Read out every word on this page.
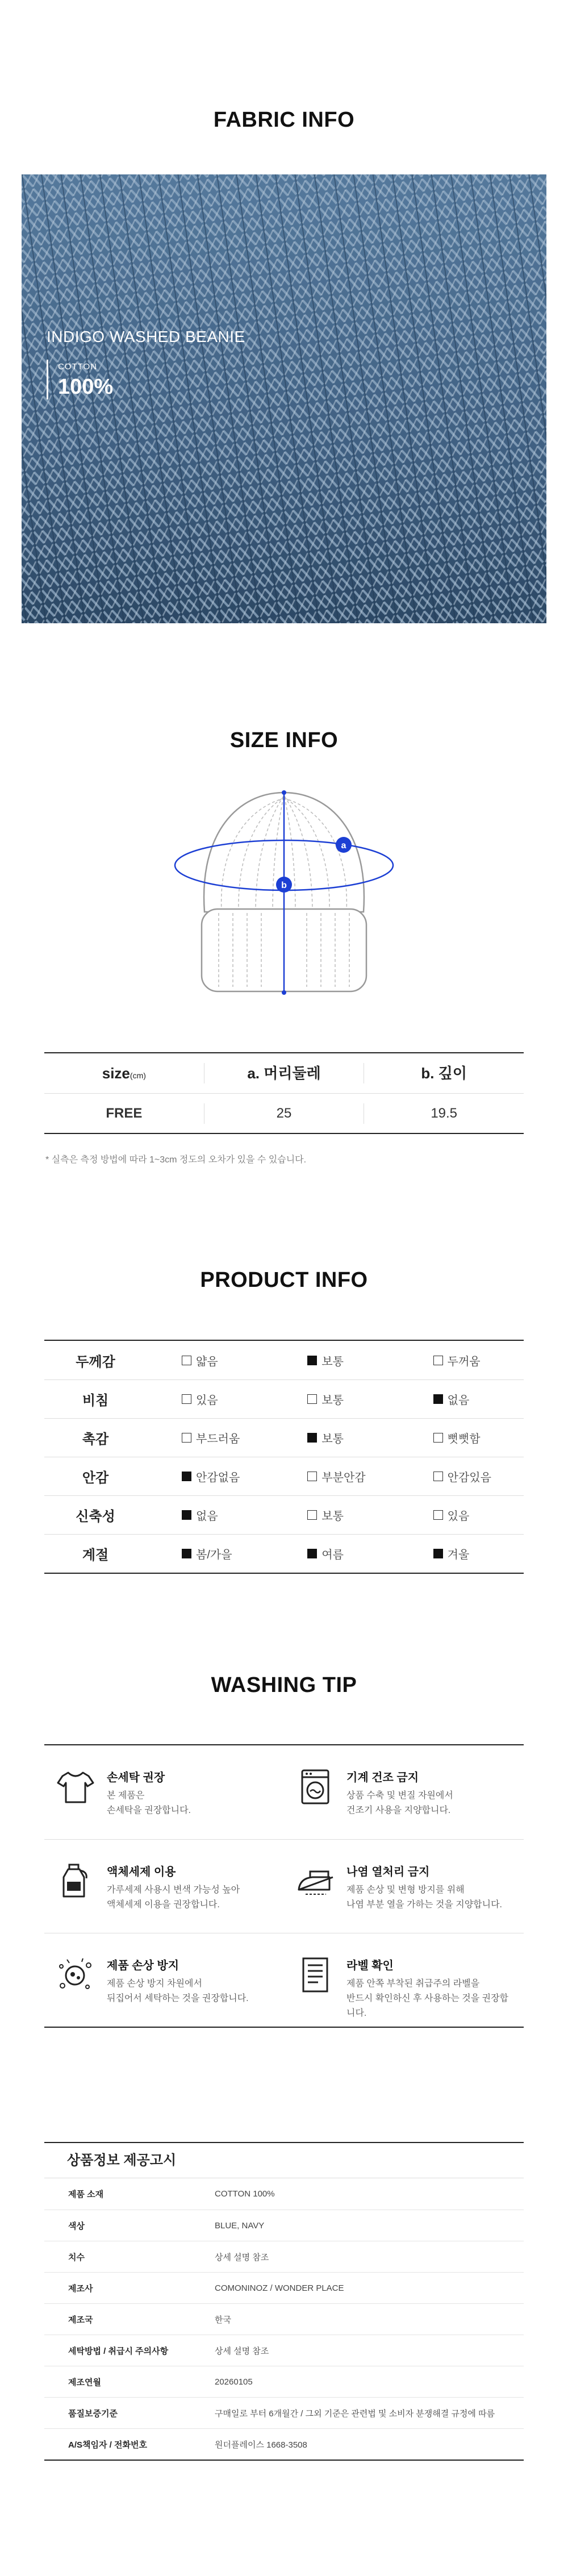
FABRIC INFO
INDIGO WASHED BEANIE
COTTON
100%
SIZE INFO
a
b
size(cm)	a. 머리둘레	b. 깊이
FREE	25	19.5
* 실측은 측정 방법에 따라 1~3cm 정도의 오차가 있을 수 있습니다.
PRODUCT INFO
두께감	얇음	보통	두꺼움
비침	있음	보통	없음
촉감	부드러움	보통	뻣뻣함
안감	안감없음	부분안감	안감있음
신축성	없음	보통	있음
계절	봄/가을	여름	겨울
WASHING TIP
손세탁 권장
본 제품은
손세탁을 권장합니다.
기계 건조 금지
상품 수축 및 변질 자원에서
건조기 사용을 지양합니다.
액체세제 이용
가루세제 사용시 변색 가능성 높아
액체세제 이용을 권장합니다.
나염 열처리 금지
제품 손상 및 변형 방지를 위해
나염 부분 열을 가하는 것을 지양합니다.
제품 손상 방지
제품 손상 방지 차원에서
뒤집어서 세탁하는 것을 권장합니다.
라벨 확인
제품 안쪽 부착된 취급주의 라벨을
반드시 확인하신 후 사용하는 것을 권장합니다.
상품정보 제공고시
제품 소재	COTTON 100%
색상	BLUE, NAVY
치수	상세 설명 참조
제조사	COMONINOZ / WONDER PLACE
제조국	한국
세탁방법 / 취급시 주의사항	상세 설명 참조
제조연월	20260105
품질보증기준	구매일로 부터 6개월간 / 그외 기준은 관련법 및 소비자 분쟁해결 규정에 따름
A/S책임자 / 전화번호	원더플레이스 1668-3508
